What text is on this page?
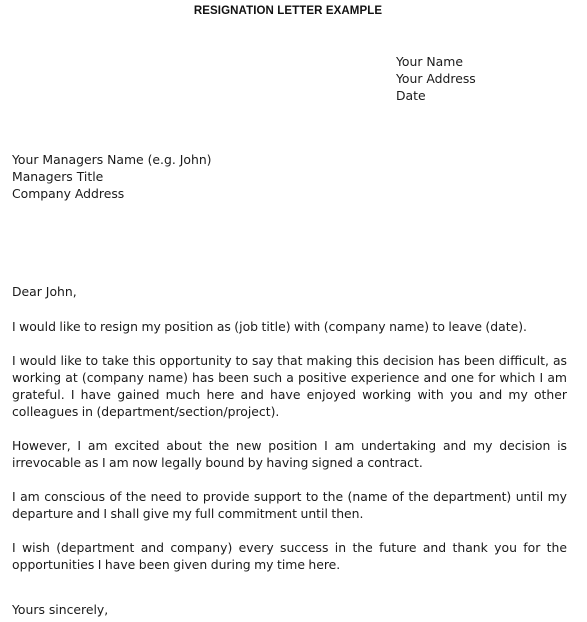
RESIGNATION LETTER EXAMPLE
Your Name
Your Address
Date
Your Managers Name (e.g. John)
Managers Title
Company Address

Dear John,

I would like to resign my position as (job title) with (company name) to leave (date).

I would like to take this opportunity to say that making this decision has been difficult, as working at (company name) has been such a positive experience and one for which I am grateful. I have gained much here and have enjoyed working with you and my other colleagues in (department/section/project).

However, I am excited about the new position I am undertaking and my decision is irrevocable as I am now legally bound by having signed a contract.

I am conscious of the need to provide support to the (name of the department) until my departure and I shall give my full commitment until then.

I wish (department and company) every success in the future and thank you for the opportunities I have been given during my time here.

Yours sincerely,
